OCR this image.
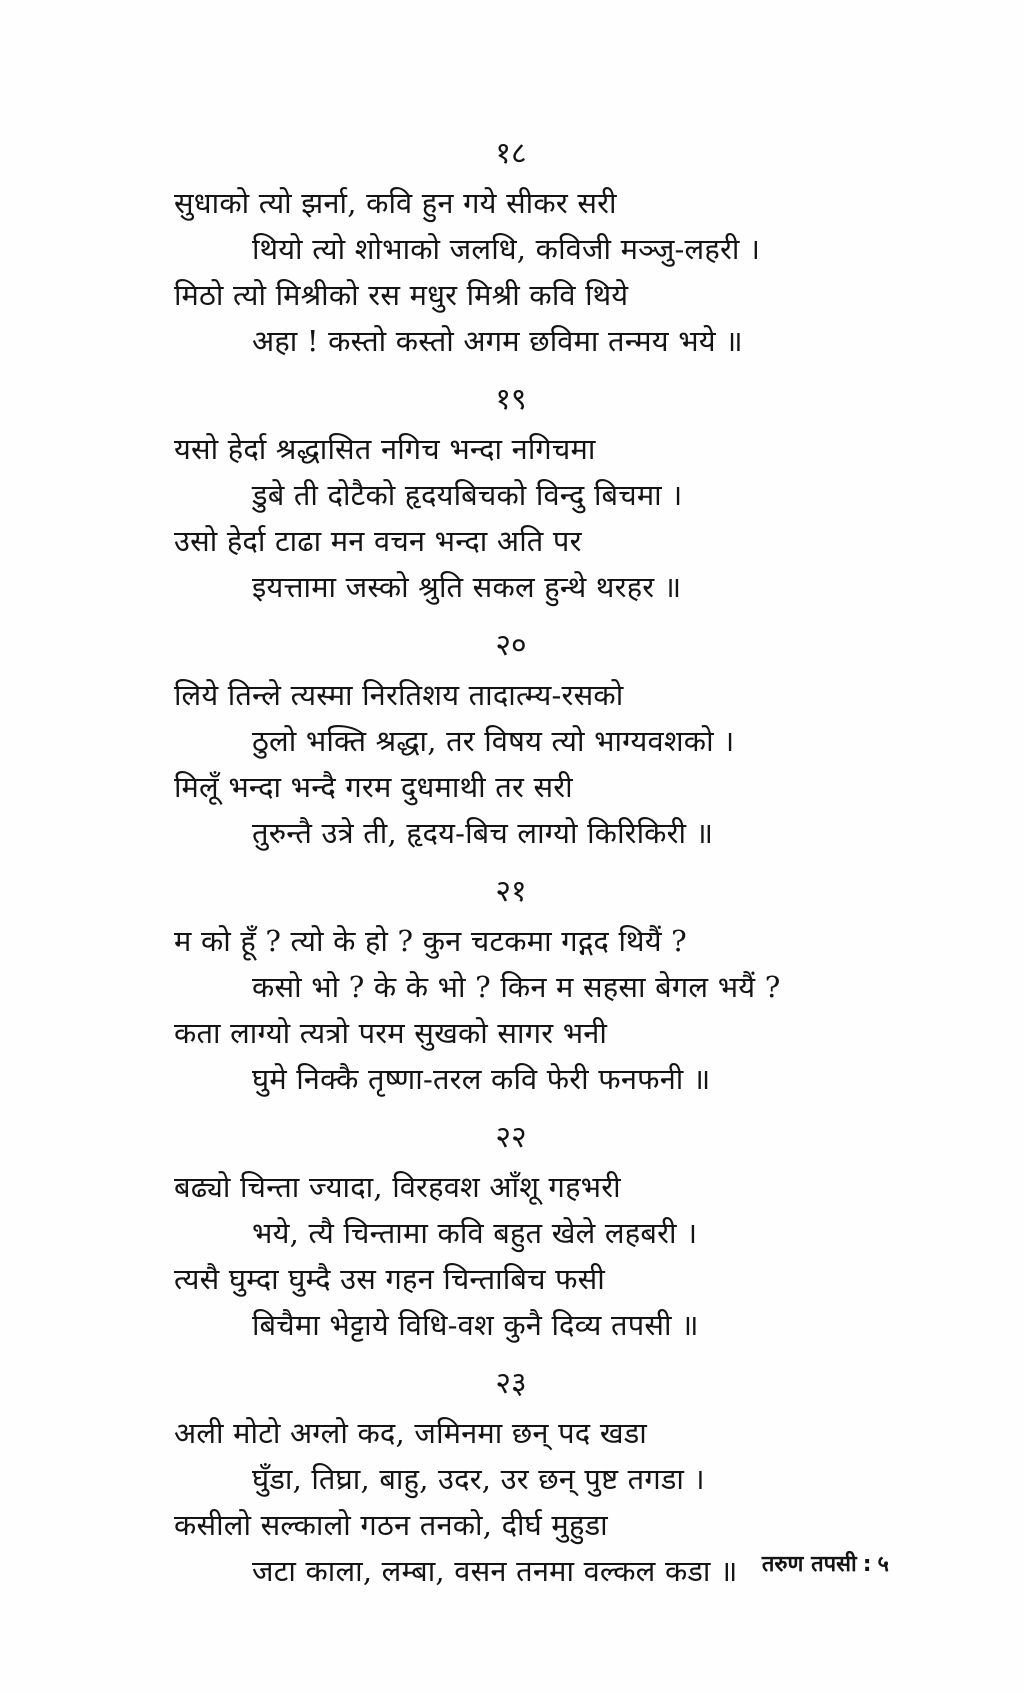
१८
सुधाको त्यो झर्ना, कवि हुन गये सीकर सरी
थियो त्यो शोभाको जलधि, कविजी मञ्जु-लहरी ।
मिठो त्यो मिश्रीको रस मधुर मिश्री कवि थिये
अहा ! कस्तो कस्तो अगम छविमा तन्मय भये ॥
१९
यसो हेर्दा श्रद्धासित नगिच भन्दा नगिचमा
डुबे ती दोटैको हृदयबिचको विन्दु बिचमा ।
उसो हेर्दा टाढा मन वचन भन्दा अति पर
इयत्तामा जस्को श्रुति सकल हुन्थे थरहर ॥
२०
लिये तिन्ले त्यस्मा निरतिशय तादात्म्य-रसको
ठुलो भक्ति श्रद्धा, तर विषय त्यो भाग्यवशको ।
मिलूँ भन्दा भन्दै गरम दुधमाथी तर सरी
तुरुन्तै उत्रे ती, हृदय-बिच लाग्यो किरिकिरी ॥
२१
म को हूँ ? त्यो के हो ? कुन चटकमा गद्गद थियैं ?
कसो भो ? के के भो ? किन म सहसा बेगल भयैं ?
कता लाग्यो त्यत्रो परम सुखको सागर भनी
घुमे निक्कै तृष्णा-तरल कवि फेरी फनफनी ॥
२२
बढ्यो चिन्ता ज्यादा, विरहवश आँशू गहभरी
भये, त्यै चिन्तामा कवि बहुत खेले लहबरी ।
त्यसै घुम्दा घुम्दै उस गहन चिन्ताबिच फसी
बिचैमा भेट्टाये विधि-वश कुनै दिव्य तपसी ॥
२३
अली मोटो अग्लो कद, जमिनमा छन् पद खडा
घुँडा, तिघ्रा, बाहु, उदर, उर छन् पुष्ट तगडा ।
कसीलो सल्कालो गठन तनको, दीर्घ मुहुडा
जटा काला, लम्बा, वसन तनमा वल्कल कडा ॥	तरुण तपसी : ५
